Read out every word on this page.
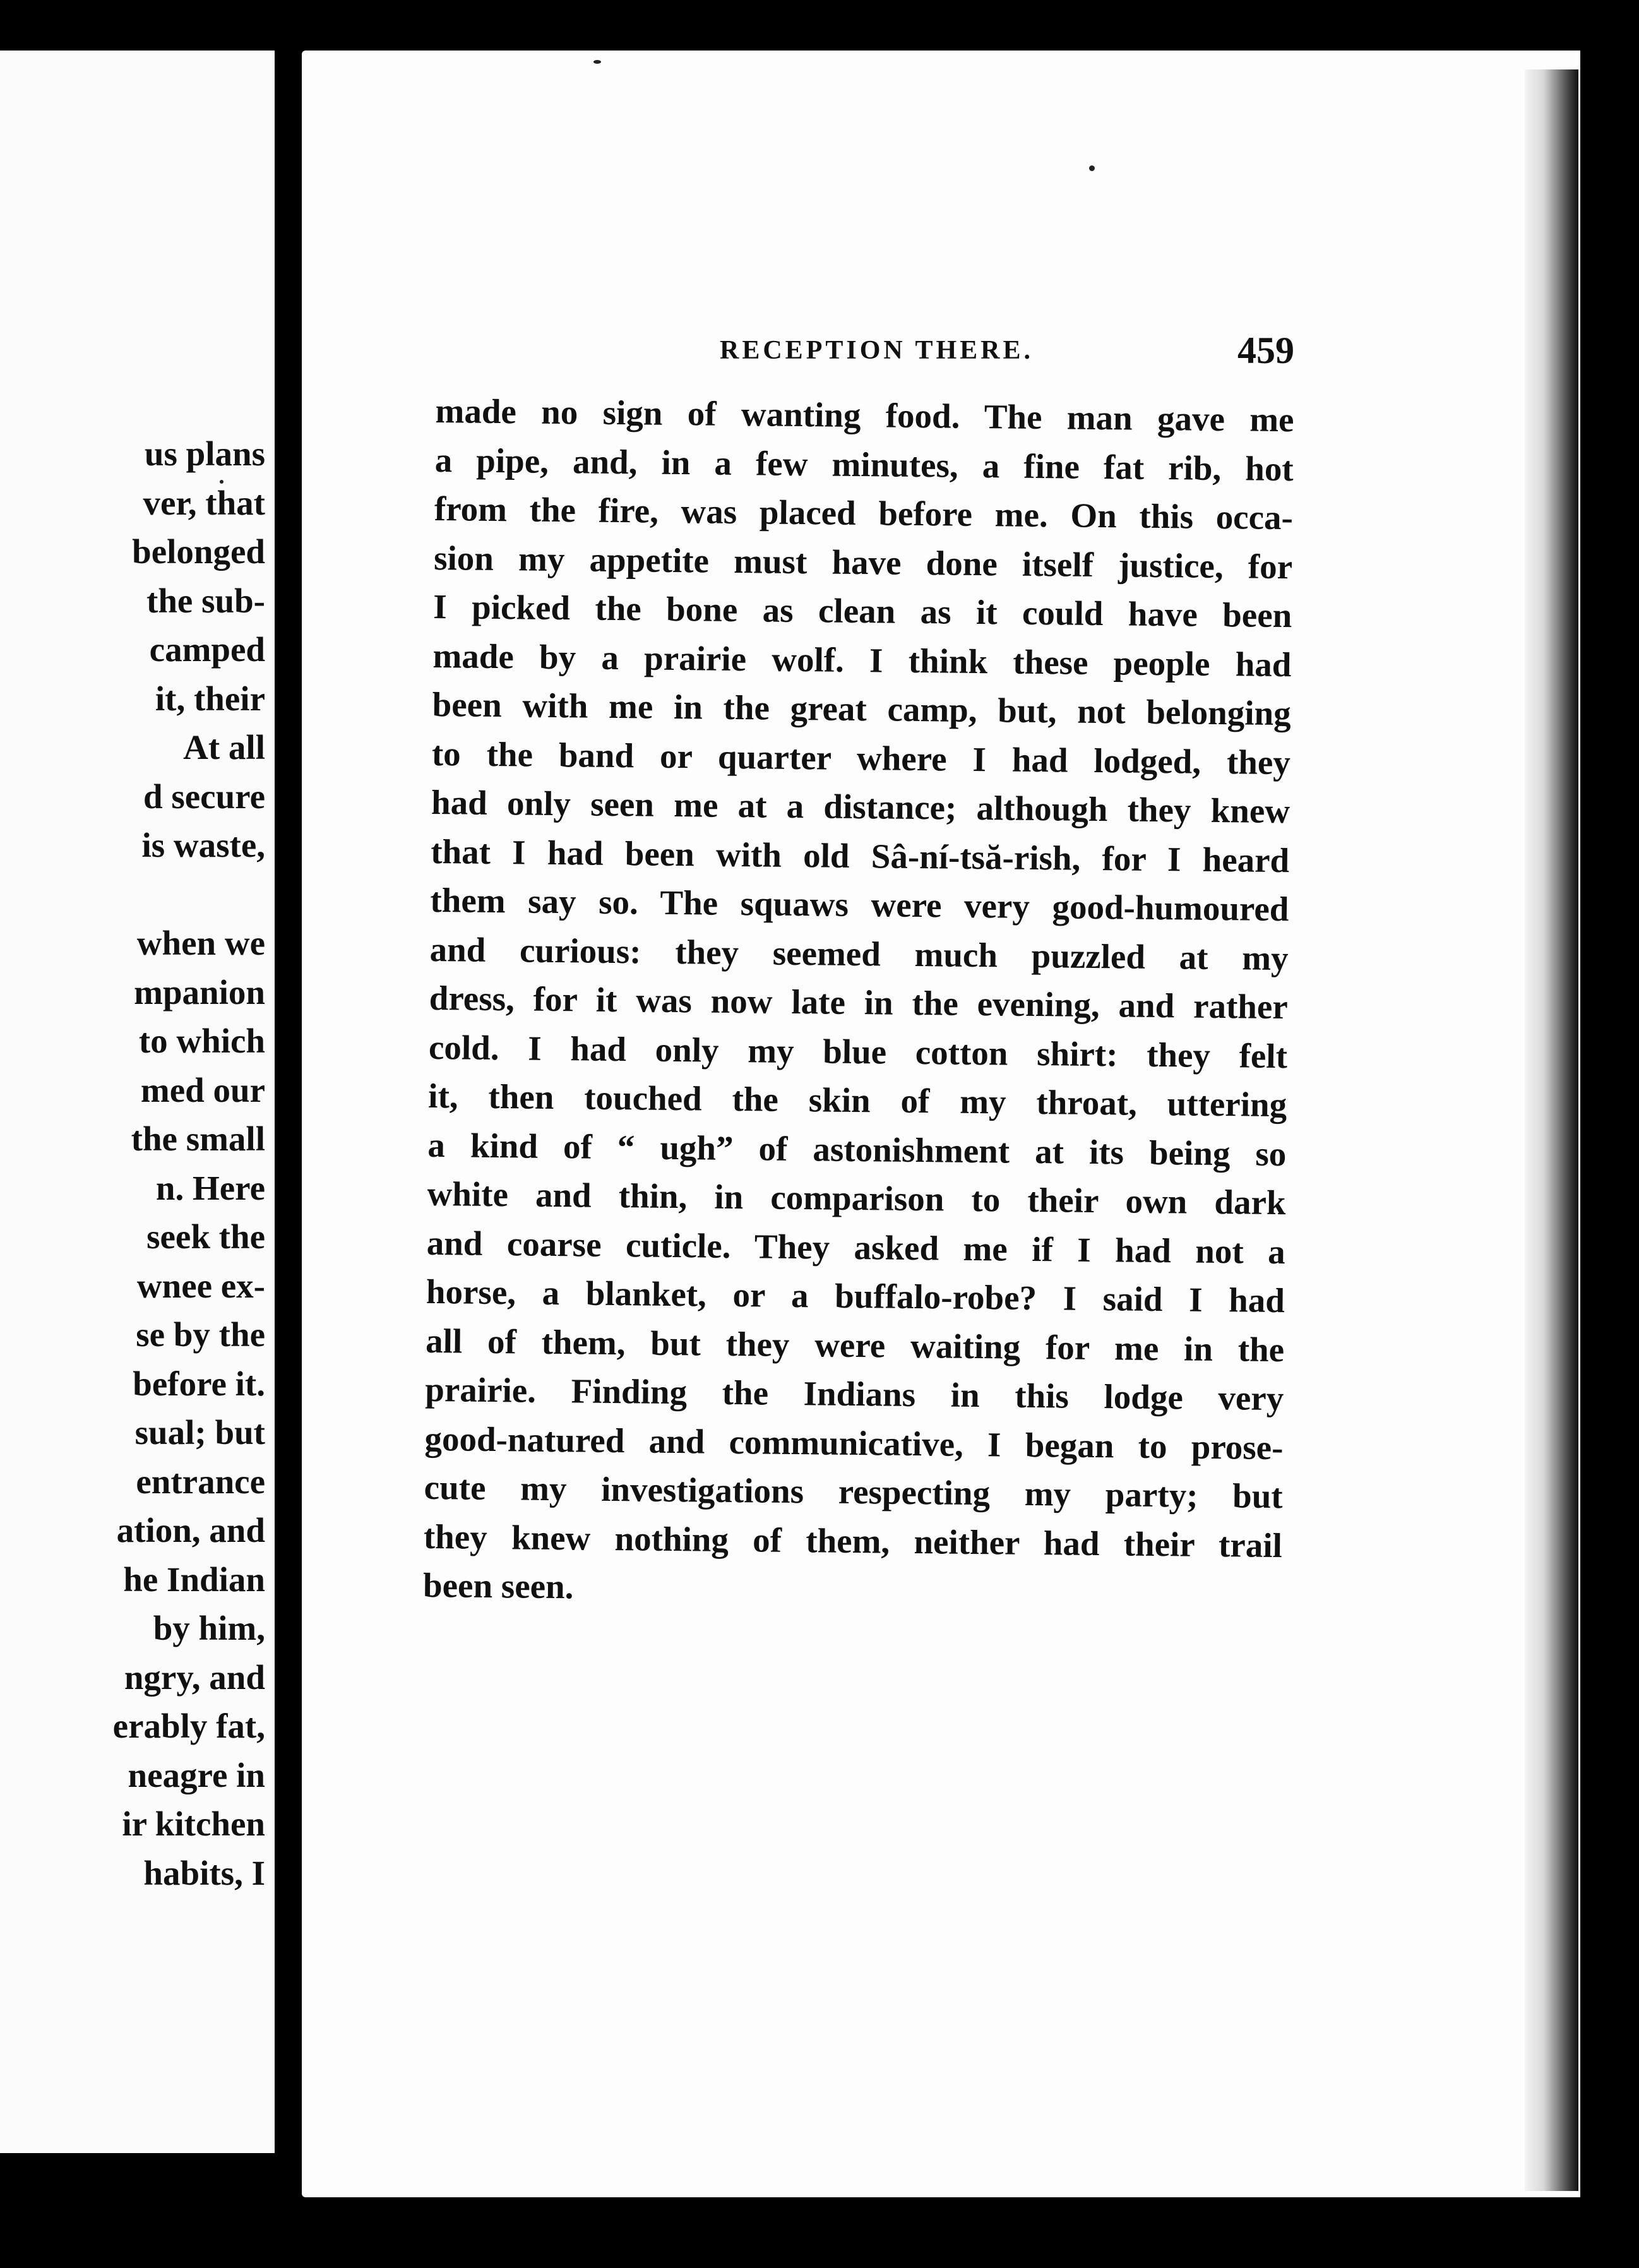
us plans
ver, that
belonged
the sub-
camped
it, their
At all
d secure
is waste,
when we
mpanion
to which
med our
the small
n. Here
seek the
wnee ex-
se by the
before it.
sual; but
entrance
ation, and
he Indian
by him,
ngry, and
erably fat,
neagre in
ir kitchen
habits, I
RECEPTION THERE.	459
made no sign of wanting food. The man gave me
a pipe, and, in a few minutes, a fine fat rib, hot
from the fire, was placed before me. On this occa-
sion my appetite must have done itself justice, for
I picked the bone as clean as it could have been
made by a prairie wolf. I think these people had
been with me in the great camp, but, not belonging
to the band or quarter where I had lodged, they
had only seen me at a distance; although they knew
that I had been with old Sâ-ní-tsă-rish, for I heard
them say so. The squaws were very good-humoured
and curious: they seemed much puzzled at my
dress, for it was now late in the evening, and rather
cold. I had only my blue cotton shirt: they felt
it, then touched the skin of my throat, uttering
a kind of “ ugh” of astonishment at its being so
white and thin, in comparison to their own dark
and coarse cuticle. They asked me if I had not a
horse, a blanket, or a buffalo-robe? I said I had
all of them, but they were waiting for me in the
prairie. Finding the Indians in this lodge very
good-natured and communicative, I began to prose-
cute my investigations respecting my party; but
they knew nothing of them, neither had their trail
been seen.
